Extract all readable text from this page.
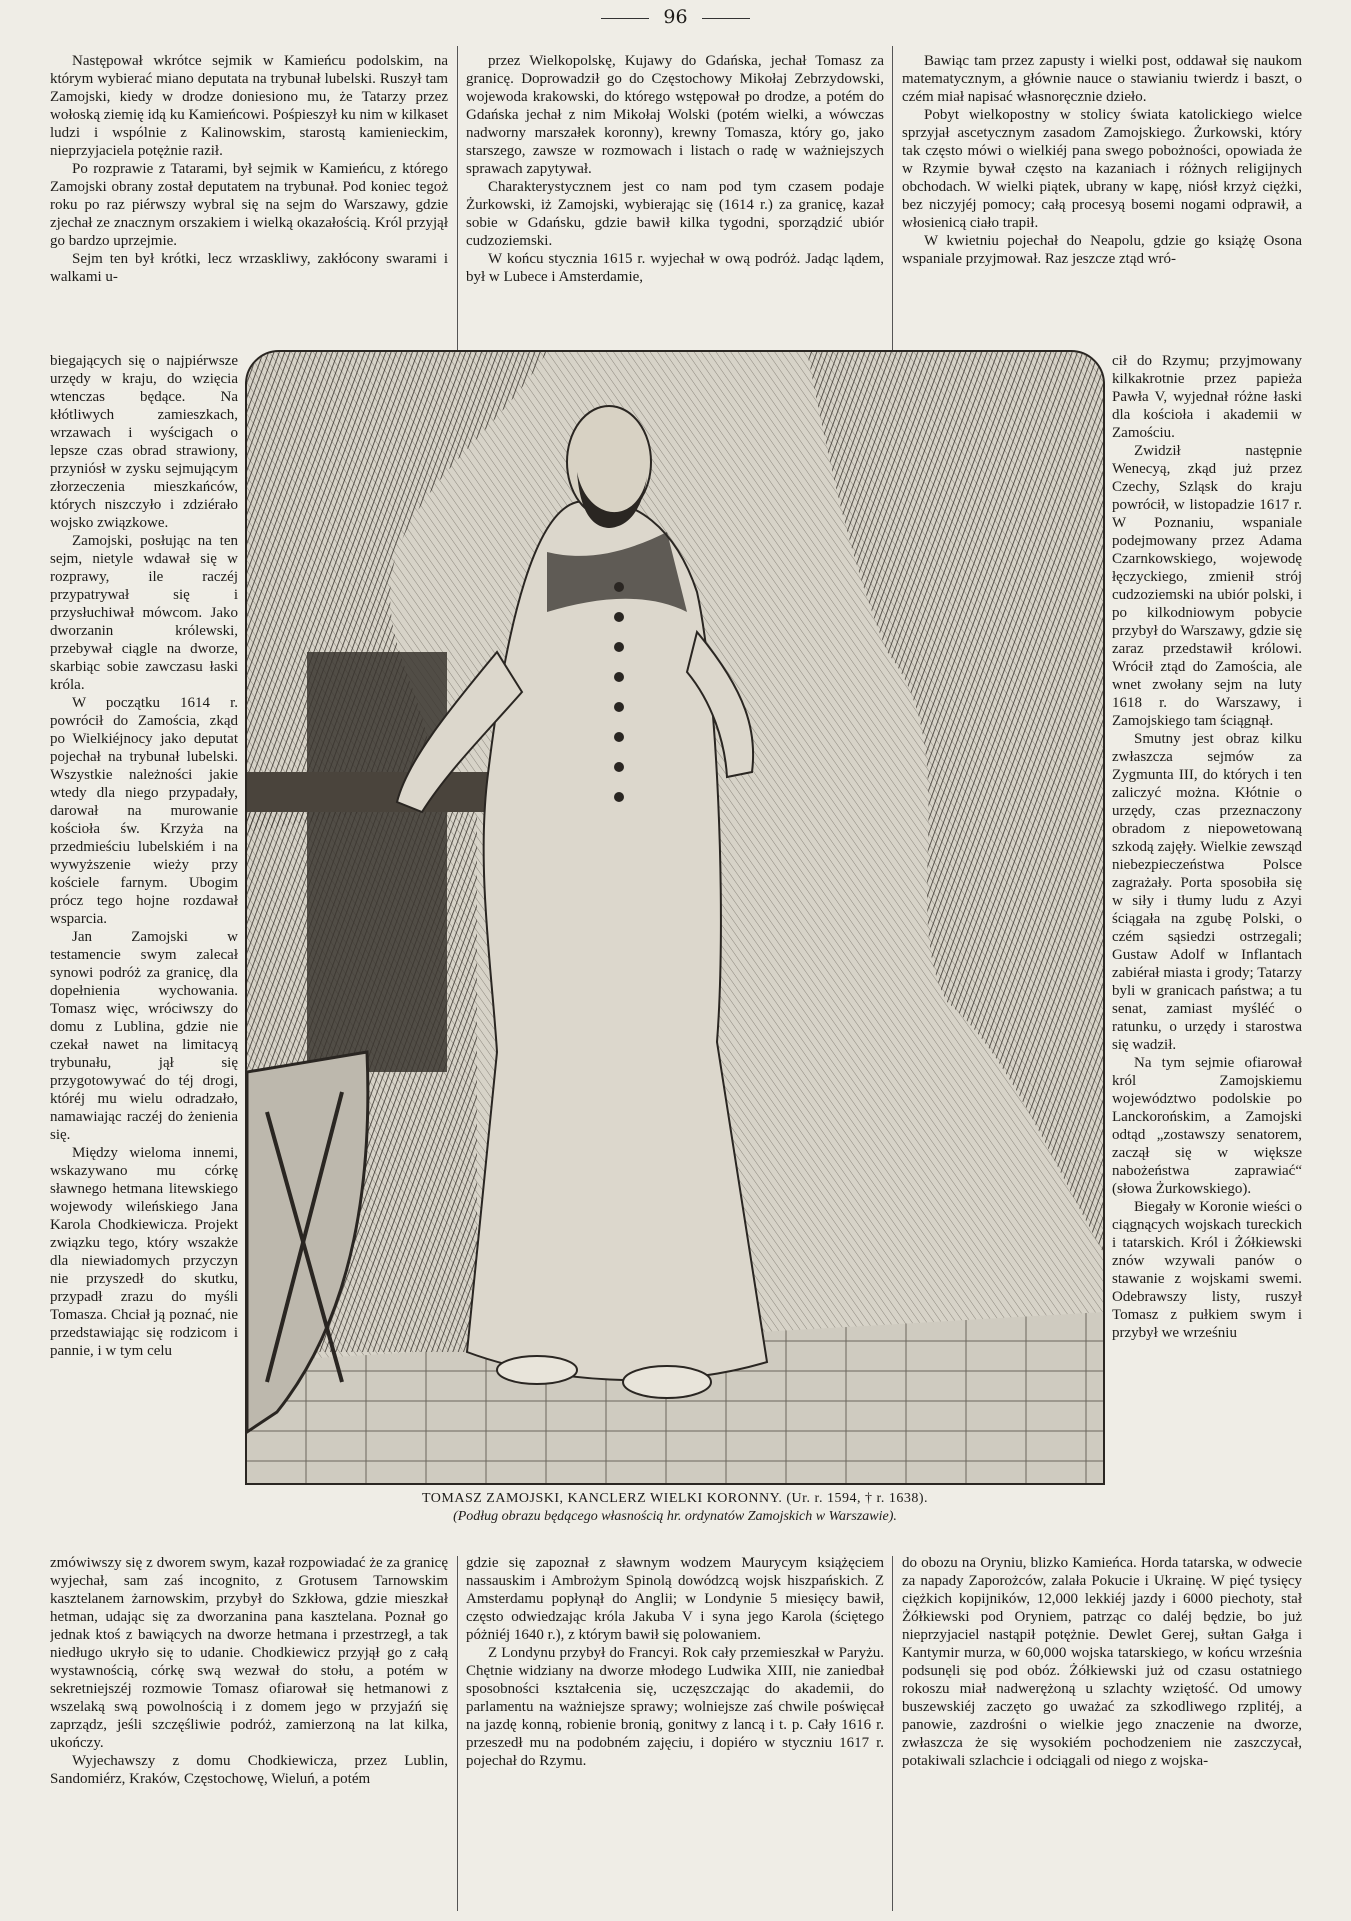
96

Następował wkrótce sejmik w Kamieńcu podolskim, na którym wybierać miano deputata na trybunał lubelski. Ruszył tam Zamojski, kiedy w drodze doniesiono mu, że Tatarzy przez wołoską ziemię idą ku Kamieńcowi. Pośpieszył ku nim w kilkaset ludzi i wspólnie z Kalinowskim, starostą kamienieckim, nieprzyjaciela potężnie raził.

Po rozprawie z Tatarami, był sejmik w Kamieńcu, z którego Zamojski obrany został deputatem na trybunał. Pod koniec tegoż roku po raz piérwszy wybral się na sejm do Warszawy, gdzie zjechał ze znacznym orszakiem i wielką okazałością. Król przyjął go bardzo uprzejmie.

Sejm ten był krótki, lecz wrzaskliwy, zakłócony swarami i walkami u-

przez Wielkopolskę, Kujawy do Gdańska, jechał Tomasz za granicę. Doprowadził go do Częstochowy Mikołaj Zebrzydowski, wojewoda krakowski, do którego wstępował po drodze, a potém do Gdańska jechał z nim Mikołaj Wolski (potém wielki, a wówczas nadworny marszałek koronny), krewny Tomasza, który go, jako starszego, zawsze w rozmowach i listach o radę w ważniejszych sprawach zapytywał.

Charakterystycznem jest co nam pod tym czasem podaje Żurkowski, iż Zamojski, wybierając się (1614 r.) za granicę, kazał sobie w Gdańsku, gdzie bawił kilka tygodni, sporządzić ubiór cudzoziemski.

W końcu stycznia 1615 r. wyjechał w ową podróż. Jadąc lądem, był w Lubece i Amsterdamie,

Bawiąc tam przez zapusty i wielki post, oddawał się naukom matematycznym, a głównie nauce o stawianiu twierdz i baszt, o czém miał napisać własnoręcznie dzieło.

Pobyt wielkopostny w stolicy świata katolickiego wielce sprzyjał ascetycznym zasadom Zamojskiego. Żurkowski, który tak często mówi o wielkiéj pana swego pobożności, opowiada że w Rzymie bywał często na kazaniach i różnych religijnych obchodach. W wielki piątek, ubrany w kapę, niósł krzyż ciężki, bez niczyjéj pomocy; całą procesyą bosemi nogami odprawił, a włosienicą ciało trapił.

W kwietniu pojechał do Neapolu, gdzie go książę Osona wspaniale przyjmował. Raz jeszcze ztąd wró-

biegających się o najpiérwsze urzędy w kraju, do wzięcia wtenczas będące. Na kłótliwych zamieszkach, wrzawach i wyścigach o lepsze czas obrad strawiony, przyniósł w zysku sejmującym złorzeczenia mieszkańców, których niszczyło i zdziérało wojsko związkowe.

Zamojski, posłując na ten sejm, nietyle wdawał się w rozprawy, ile raczéj przypatrywał się i przysłuchiwał mówcom. Jako dworzanin królewski, przebywał ciągle na dworze, skarbiąc sobie zawczasu łaski króla.

W początku 1614 r. powrócił do Zamościa, zkąd po Wielkiéjnocy jako deputat pojechał na trybunał lubelski. Wszystkie należności jakie wtedy dla niego przypadały, darował na murowanie kościoła św. Krzyża na przedmieściu lubelskiém i na wywyższenie wieży przy kościele farnym. Ubogim prócz tego hojne rozdawał wsparcia.

Jan Zamojski w testamencie swym zalecał synowi podróż za granicę, dla dopełnienia wychowania. Tomasz więc, wróciwszy do domu z Lublina, gdzie nie czekał nawet na limitacyą trybunału, jął się przygotowywać do téj drogi, któréj mu wielu odradzało, namawiając raczéj do żenienia się.

Między wieloma innemi, wskazywano mu córkę sławnego hetmana litewskiego wojewody wileńskiego Jana Karola Chodkiewicza. Projekt związku tego, który wszakże dla niewiadomych przyczyn nie przyszedł do skutku, przypadł zrazu do myśli Tomasza. Chciał ją poznać, nie przedstawiając się rodzicom i pannie, i w tym celu

cił do Rzymu; przyjmowany kilkakrotnie przez papieża Pawła V, wyjednał różne łaski dla kościoła i akademii w Zamościu.

Zwidził następnie Wenecyą, zkąd już przez Czechy, Szląsk do kraju powrócił, w listopadzie 1617 r. W Poznaniu, wspaniale podejmowany przez Adama Czarnkowskiego, wojewodę łęczyckiego, zmienił strój cudzoziemski na ubiór polski, i po kilkodniowym pobycie przybył do Warszawy, gdzie się zaraz przedstawił królowi. Wrócił ztąd do Zamościa, ale wnet zwołany sejm na luty 1618 r. do Warszawy, i Zamojskiego tam ściągnął.

Smutny jest obraz kilku zwłaszcza sejmów za Zygmunta III, do których i ten zaliczyć można. Kłótnie o urzędy, czas przeznaczony obradom z niepowetowaną szkodą zajęły. Wielkie zewsząd niebezpieczeństwa Polsce zagrażały. Porta sposobiła się w siły i tłumy ludu z Azyi ściągała na zgubę Polski, o czém sąsiedzi ostrzegali; Gustaw Adolf w Inflantach zabiérał miasta i grody; Tatarzy byli w granicach państwa; a tu senat, zamiast myśléć o ratunku, o urzędy i starostwa się wadził.

Na tym sejmie ofiarował król Zamojskiemu województwo podolskie po Lanckorońskim, a Zamojski odtąd „zostawszy senatorem, zaczął się w większe nabożeństwa zaprawiać“ (słowa Żurkowskiego).

Biegały w Koronie wieści o ciągnących wojskach tureckich i tatarskich. Król i Żółkiewski znów wzywali panów o stawanie z wojskami swemi. Odebrawszy listy, ruszył Tomasz z pułkiem swym i przybył we wrześniu

TOMASZ ZAMOJSKI, KANCLERZ WIELKI KORONNY. (Ur. r. 1594, † r. 1638).
(Podług obrazu będącego własnością hr. ordynatów Zamojskich w Warszawie).

zmówiwszy się z dworem swym, kazał rozpowiadać że za granicę wyjechał, sam zaś incognito, z Grotusem Tarnowskim kasztelanem żarnowskim, przybył do Szkłowa, gdzie mieszkał hetman, udając się za dworzanina pana kasztelana. Poznał go jednak ktoś z bawiących na dworze hetmana i przestrzegł, a tak niedługo ukryło się to udanie. Chodkiewicz przyjął go z całą wystawnością, córkę swą wezwał do stołu, a potém w sekretniejszéj rozmowie Tomasz ofiarował się hetmanowi z wszelaką swą powolnością i z domem jego w przyjaźń się zaprządz, jeśli szczęśliwie podróż, zamierzoną na lat kilka, ukończy.

Wyjechawszy z domu Chodkiewicza, przez Lublin, Sandomiérz, Kraków, Częstochowę, Wieluń, a potém

gdzie się zapoznał z sławnym wodzem Maurycym książęciem nassauskim i Ambrożym Spinolą dowódzcą wojsk hiszpańskich. Z Amsterdamu popłynął do Anglii; w Londynie 5 miesięcy bawił, często odwiedzając króla Jakuba V i syna jego Karola (ściętego póżniéj 1640 r.), z którym bawił się polowaniem.

Z Londynu przybył do Francyi. Rok cały przemieszkał w Paryżu. Chętnie widziany na dworze młodego Ludwika XIII, nie zaniedbał sposobności kształcenia się, uczęszczając do akademii, do parlamentu na ważniejsze sprawy; wolniejsze zaś chwile poświęcał na jazdę konną, robienie bronią, gonitwy z lancą i t. p. Cały 1616 r. przeszedł mu na podobném zajęciu, i dopiéro w styczniu 1617 r. pojechał do Rzymu.

do obozu na Oryniu, blizko Kamieńca. Horda tatarska, w odwecie za napady Zaporożców, zalała Pokucie i Ukrainę. W pięć tysięcy ciężkich kopijników, 12,000 lekkiéj jazdy i 6000 piechoty, stał Żółkiewski pod Oryniem, patrząc co daléj będzie, bo już nieprzyjaciel nastąpił potężnie. Dewlet Gerej, sułtan Gałga i Kantymir murza, w 60,000 wojska tatarskiego, w końcu września podsunęli się pod obóz. Żółkiewski już od czasu ostatniego rokoszu miał nadwerężoną u szlachty wziętość. Od umowy buszewskiéj zaczęto go uważać za szkodliwego rzplitéj, a panowie, zazdrośni o wielkie jego znaczenie na dworze, zwłaszcza że się wysokiém pochodzeniem nie zaszczycał, potakiwali szlachcie i odciągali od niego z wojska-
